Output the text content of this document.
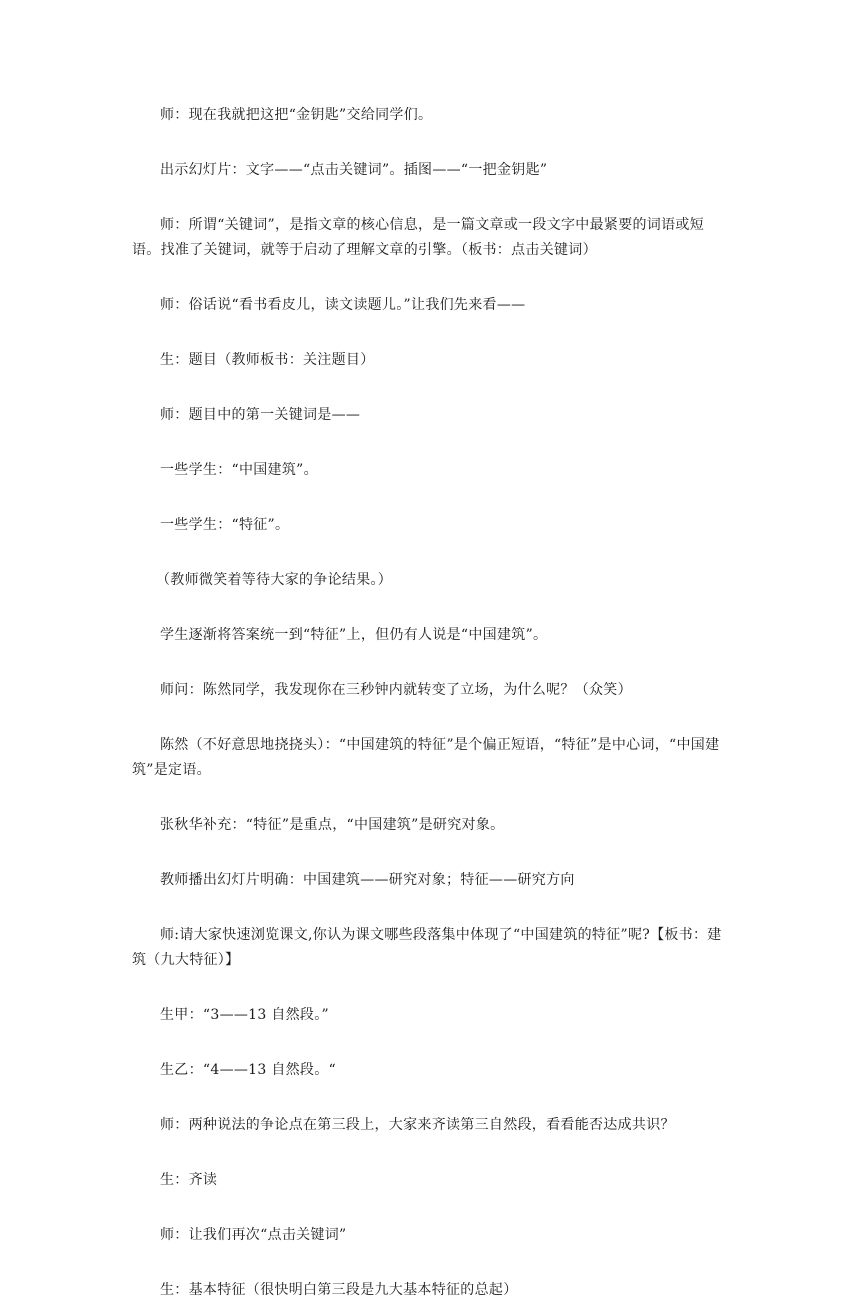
师：现在我就把这把“金钥匙”交给同学们。

出示幻灯片：文字——“点击关键词”。插图——“一把金钥匙”

师：所谓“关键词”，是指文章的核心信息，是一篇文章或一段文字中最紧要的词语或短语。找准了关键词，就等于启动了理解文章的引擎。（板书：点击关键词）

师：俗话说“看书看皮儿，读文读题儿。”让我们先来看——

生：题目（教师板书：关注题目）

师：题目中的第一关键词是——

一些学生：“中国建筑”。

一些学生：“特征”。

（教师微笑着等待大家的争论结果。）

学生逐渐将答案统一到“特征”上，但仍有人说是“中国建筑”。

师问：陈然同学，我发现你在三秒钟内就转变了立场，为什么呢？（众笑）

陈然（不好意思地挠挠头）：“中国建筑的特征”是个偏正短语，“特征”是中心词，“中国建筑”是定语。

张秋华补充：“特征”是重点，“中国建筑”是研究对象。

教师播出幻灯片明确：中国建筑——研究对象；特征——研究方向

师:请大家快速浏览课文,你认为课文哪些段落集中体现了“中国建筑的特征”呢?【板书：建筑（九大特征）】

生甲：“3——13 自然段。”

生乙：“4——13 自然段。“

师：两种说法的争论点在第三段上，大家来齐读第三自然段，看看能否达成共识？

生：齐读

师：让我们再次“点击关键词”

生：基本特征（很快明白第三段是九大基本特征的总起）
